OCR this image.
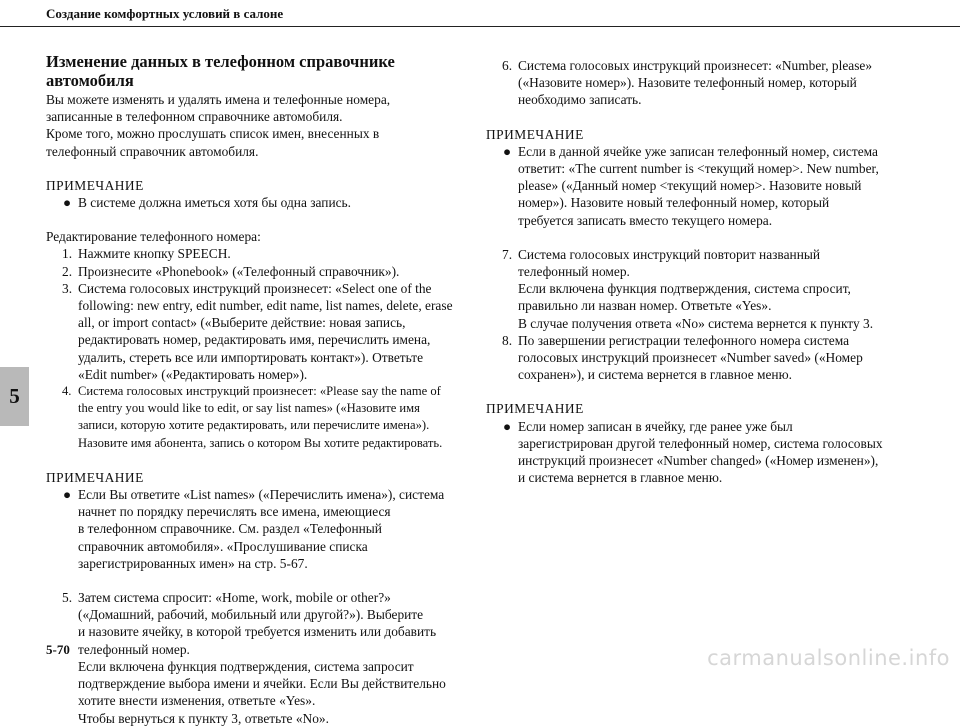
Создание комфортных условий в салоне
5
Изменение данных в телефонном справочнике автомобиля

Вы можете изменять и удалять имена и телефонные номера,

записанные в телефонном справочнике автомобиля.

Кроме того, можно прослушать список имен, внесенных в

телефонный справочник автомобиля.

ПРИМЕЧАНИЕ

● В системе должна иметься хотя бы одна запись.

Редактирование телефонного номера:

1. Нажмите кнопку SPEECH.

2. Произнесите «Phonebook» («Телефонный справочник»).

3. Система голосовых инструкций произнесет: «Select one of the

following: new entry, edit number, edit name, list names, delete, erase

all, or import contact» («Выберите действие: новая запись,

редактировать номер, редактировать имя, перечислить имена,

удалить, стереть все или импортировать контакт»). Ответьте

«Edit number» («Редактировать номер»).

4. Система голосовых инструкций произнесет: «Please say the name of

the entry you would like to edit, or say list names» («Назовите имя

записи, которую хотите редактировать, или перечислите имена»).

Назовите имя абонента, запись о котором Вы хотите редактировать.

ПРИМЕЧАНИЕ

● Если Вы ответите «List names» («Перечислить имена»), система

начнет по порядку перечислять все имена, имеющиеся

в телефонном справочнике. См. раздел «Телефонный

справочник автомобиля». «Прослушивание списка

зарегистрированных имен» на стр. 5-67.

5. Затем система спросит: «Home, work, mobile or other?»

(«Домашний, рабочий, мобильный или другой?»). Выберите

и назовите ячейку, в которой требуется изменить или добавить

телефонный номер.

Если включена функция подтверждения, система запросит

подтверждение выбора имени и ячейки. Если Вы действительно

хотите внести изменения, ответьте «Yes».

Чтобы вернуться к пункту 3, ответьте «No».

6. Система голосовых инструкций произнесет: «Number, please»

(«Назовите номер»). Назовите телефонный номер, который

необходимо записать.

ПРИМЕЧАНИЕ

● Если в данной ячейке уже записан телефонный номер, система

ответит: «The current number is <текущий номер>. New number,

please» («Данный номер <текущий номер>. Назовите новый

номер»). Назовите новый телефонный номер, который

требуется записать вместо текущего номера.

7. Система голосовых инструкций повторит названный

телефонный номер.

Если включена функция подтверждения, система спросит,

правильно ли назван номер. Ответьте «Yes».

В случае получения ответа «No» система вернется к пункту 3.

8. По завершении регистрации телефонного номера система

голосовых инструкций произнесет «Number saved» («Номер

сохранен»), и система вернется в главное меню.

ПРИМЕЧАНИЕ

● Если номер записан в ячейку, где ранее уже был

зарегистрирован другой телефонный номер, система голосовых

инструкций произнесет «Number changed» («Номер изменен»),

и система вернется в главное меню.

5-70	carmanualsonline.info
